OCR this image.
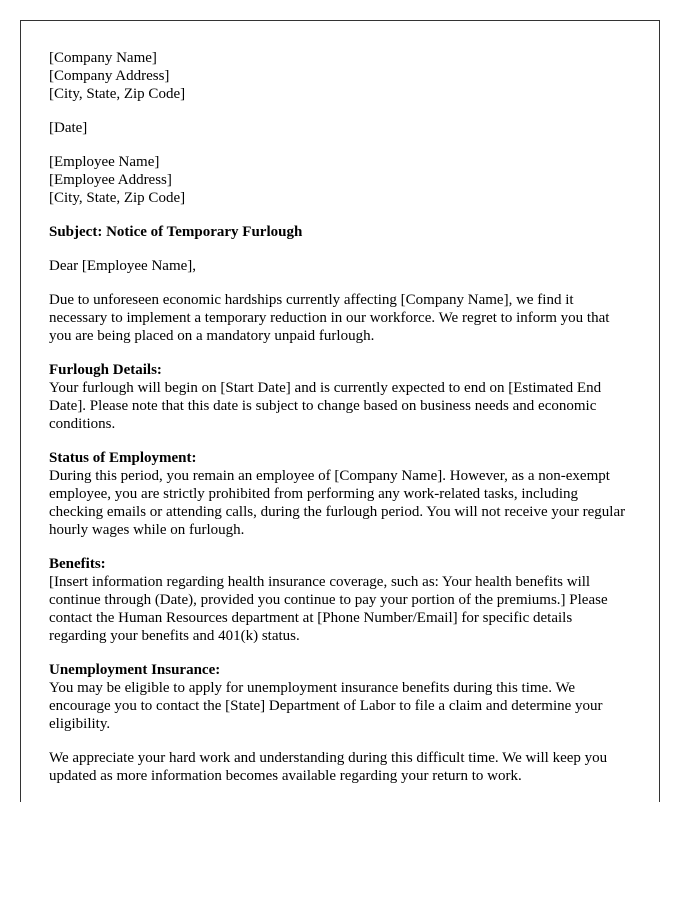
[Company Name]
[Company Address]
[City, State, Zip Code]
[Date]
[Employee Name]
[Employee Address]
[City, State, Zip Code]

Subject: Notice of Temporary Furlough

Dear [Employee Name],

Due to unforeseen economic hardships currently affecting [Company Name], we find it necessary to implement a temporary reduction in our workforce. We regret to inform you that you are being placed on a mandatory unpaid furlough.

Furlough Details:
Your furlough will begin on [Start Date] and is currently expected to end on [Estimated End Date]. Please note that this date is subject to change based on business needs and economic conditions.

Status of Employment:
During this period, you remain an employee of [Company Name]. However, as a non-exempt employee, you are strictly prohibited from performing any work-related tasks, including checking emails or attending calls, during the furlough period. You will not receive your regular hourly wages while on furlough.

Benefits:
[Insert information regarding health insurance coverage, such as: Your health benefits will continue through (Date), provided you continue to pay your portion of the premiums.] Please contact the Human Resources department at [Phone Number/Email] for specific details regarding your benefits and 401(k) status.

Unemployment Insurance:
You may be eligible to apply for unemployment insurance benefits during this time. We encourage you to contact the [State] Department of Labor to file a claim and determine your eligibility.

We appreciate your hard work and understanding during this difficult time. We will keep you updated as more information becomes available regarding your return to work.
